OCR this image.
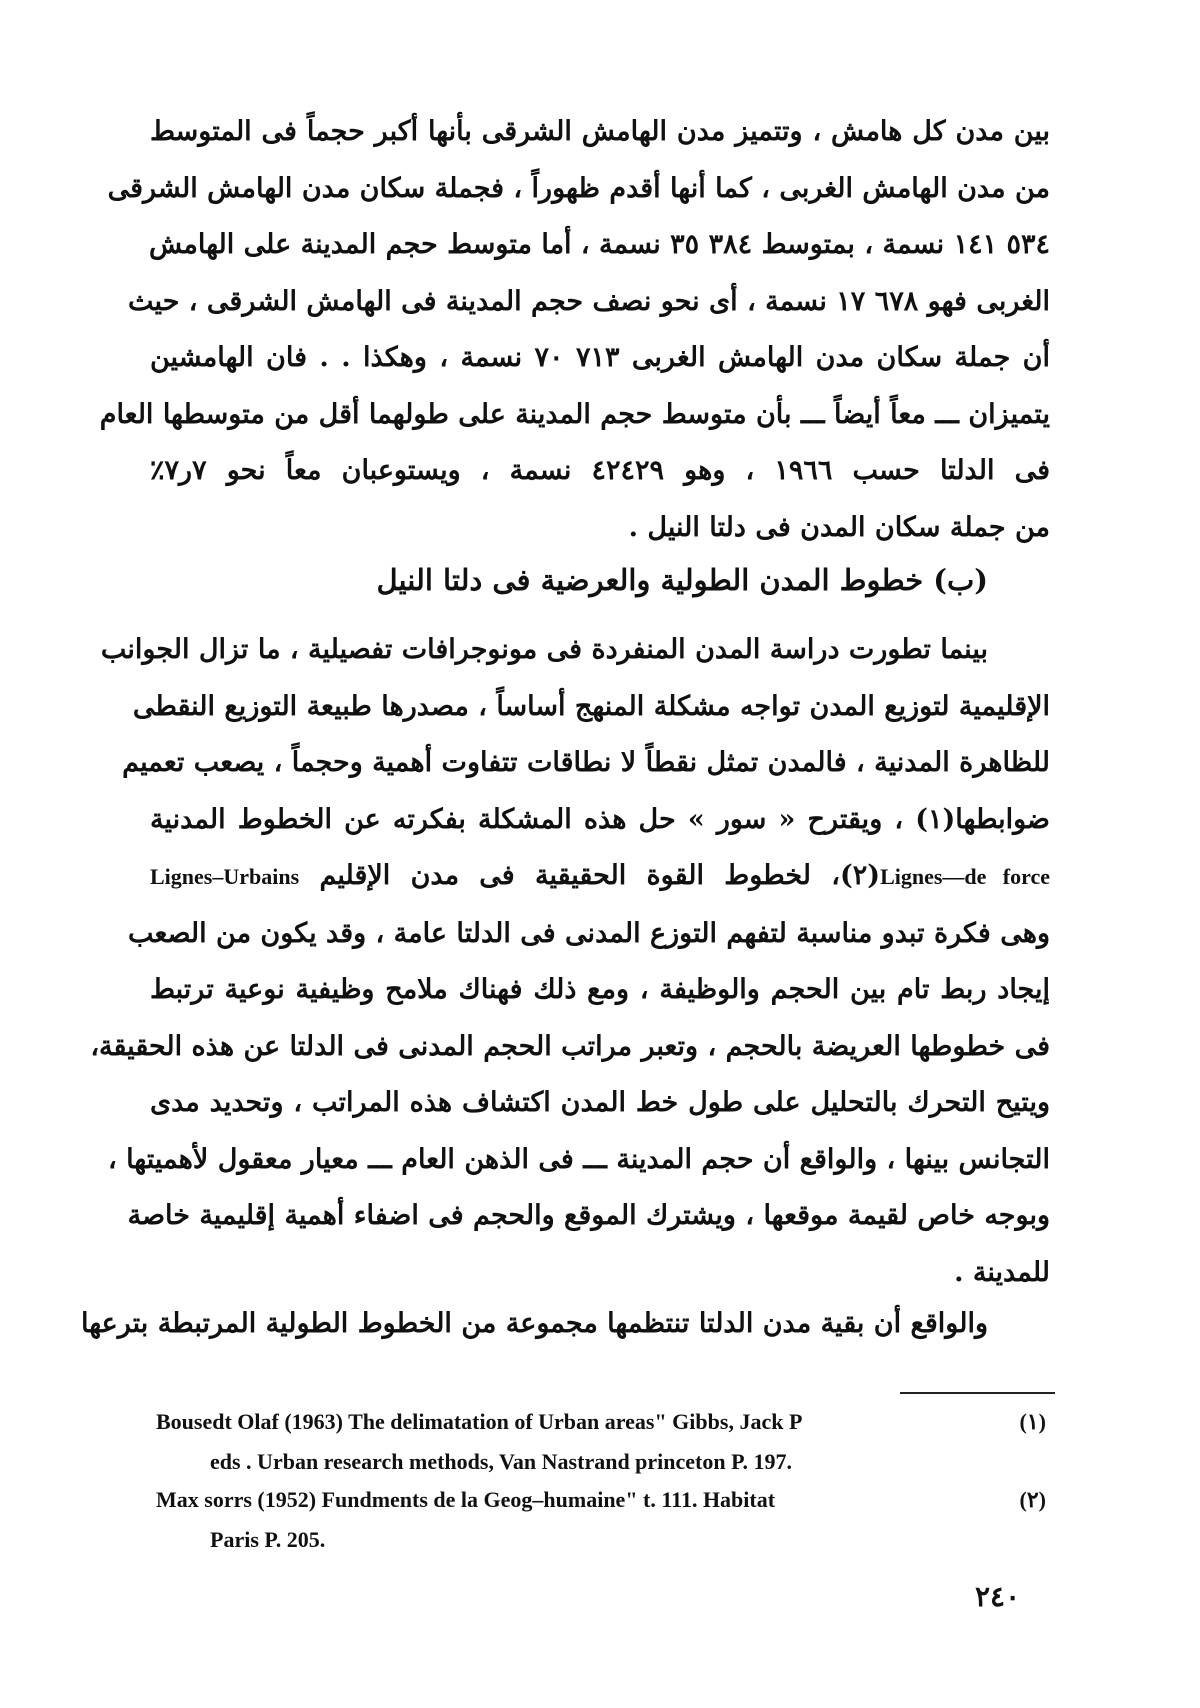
بين مدن كل هامش ، وتتميز مدن الهامش الشرقى بأنها أكبر حجماً فى المتوسط
من مدن الهامش الغربى ، كما أنها أقدم ظهوراً ، فجملة سكان مدن الهامش الشرقى
٥٣٤ ١٤١ نسمة ، بمتوسط ٣٨٤ ٣٥ نسمة ، أما متوسط حجم المدينة على الهامش
الغربى فهو ٦٧٨ ١٧ نسمة ، أى نحو نصف حجم المدينة فى الهامش الشرقى ، حيث
أن جملة سكان مدن الهامش الغربى ٧١٣ ٧٠ نسمة ، وهكذا . . فان الهامشين
يتميزان ـــ معاً أيضاً ـــ بأن متوسط حجم المدينة على طولهما أقل من متوسطها العام
فى الدلتا حسب ١٩٦٦ ، وهو ٤٢٤٢٩ نسمة ، ويستوعبان معاً نحو ٧ر٧٪
من جملة سكان المدن فى دلتا النيل .
(ب) خطوط المدن الطولية والعرضية فى دلتا النيل
بينما تطورت دراسة المدن المنفردة فى مونوجرافات تفصيلية ، ما تزال الجوانب
الإقليمية لتوزيع المدن تواجه مشكلة المنهج أساساً ، مصدرها طبيعة التوزيع النقطى
للظاهرة المدنية ، فالمدن تمثل نقطاً لا نطاقات تتفاوت أهمية وحجماً ، يصعب تعميم
ضوابطها(١) ، ويقترح « سور » حل هذه المشكلة بفكرته عن الخطوط المدنية
Lignes—de force(٢)، لخطوط القوة الحقيقية فى مدن الإقليم Lignes–Urbains
وهى فكرة تبدو مناسبة لتفهم التوزع المدنى فى الدلتا عامة ، وقد يكون من الصعب
إيجاد ربط تام بين الحجم والوظيفة ، ومع ذلك فهناك ملامح وظيفية نوعية ترتبط
فى خطوطها العريضة بالحجم ، وتعبر مراتب الحجم المدنى فى الدلتا عن هذه الحقيقة،
ويتيح التحرك بالتحليل على طول خط المدن اكتشاف هذه المراتب ، وتحديد مدى
التجانس بينها ، والواقع أن حجم المدينة ـــ فى الذهن العام ـــ معيار معقول لأهميتها ،
وبوجه خاص لقيمة موقعها ، ويشترك الموقع والحجم فى اضفاء أهمية إقليمية خاصة
للمدينة .
والواقع أن بقية مدن الدلتا تنتظمها مجموعة من الخطوط الطولية المرتبطة بترعها
Bousedt Olaf (1963) The delimatation of Urban areas" Gibbs, Jack P	(١)
eds . Urban research methods, Van Nastrand princeton P. 197.
Max sorrs (1952) Fundments de la Geog–humaine" t. 111. Habitat	(٢)
Paris P. 205.
٢٤٠
